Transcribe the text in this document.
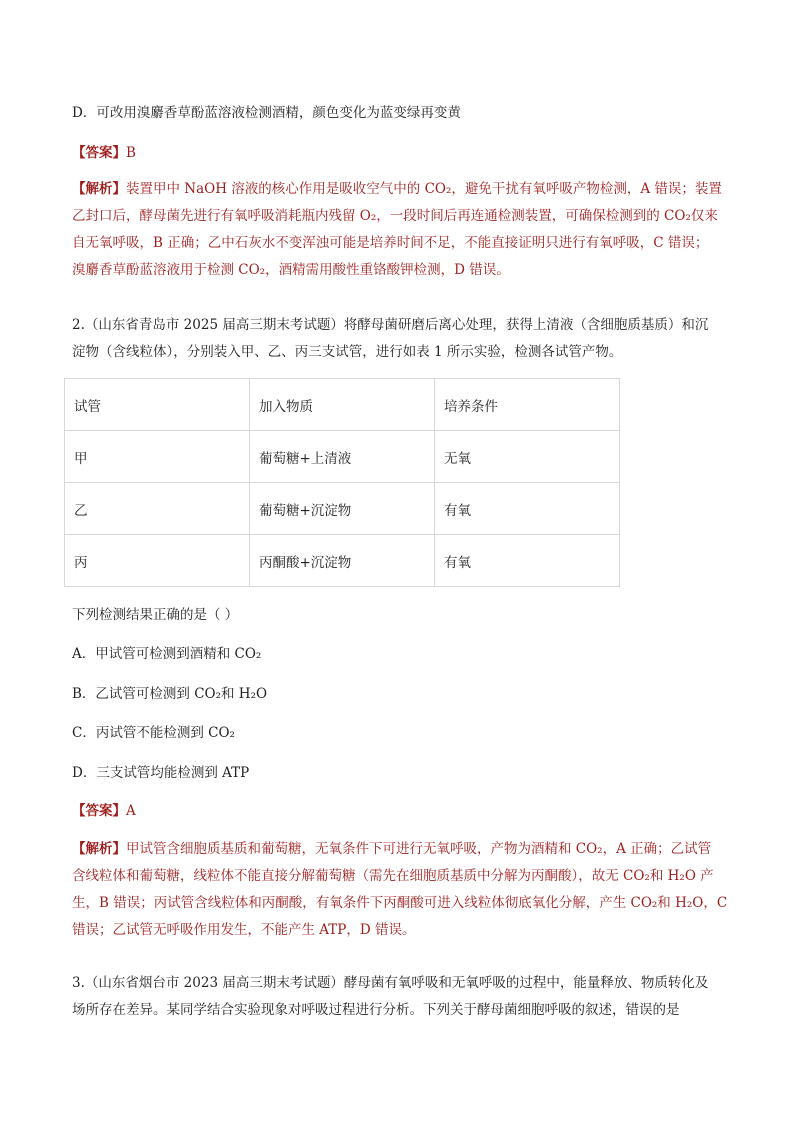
D．可改用溴麝香草酚蓝溶液检测酒精，颜色变化为蓝变绿再变黄

【答案】B

【解析】装置甲中 NaOH 溶液的核心作用是吸收空气中的 CO₂，避免干扰有氧呼吸产物检测，A 错误；装置
乙封口后，酵母菌先进行有氧呼吸消耗瓶内残留 O₂，一段时间后再连通检测装置，可确保检测到的 CO₂仅来
自无氧呼吸，B 正确；乙中石灰水不变浑浊可能是培养时间不足，不能直接证明只进行有氧呼吸，C 错误；
溴麝香草酚蓝溶液用于检测 CO₂，酒精需用酸性重铬酸钾检测，D 错误。
2.（山东省青岛市 2025 届高三期末考试题）将酵母菌研磨后离心处理，获得上清液（含细胞质基质）和沉
淀物（含线粒体），分别装入甲、乙、丙三支试管，进行如表 1 所示实验，检测各试管产物。
试管	加入物质	培养条件
甲	葡萄糖+上清液	无氧
乙	葡萄糖+沉淀物	有氧
丙	丙酮酸+沉淀物	有氧

下列检测结果正确的是（ ）

A．甲试管可检测到酒精和 CO₂

B．乙试管可检测到 CO₂和 H₂O

C．丙试管不能检测到 CO₂

D．三支试管均能检测到 ATP

【答案】A

【解析】甲试管含细胞质基质和葡萄糖，无氧条件下可进行无氧呼吸，产物为酒精和 CO₂，A 正确；乙试管
含线粒体和葡萄糖，线粒体不能直接分解葡萄糖（需先在细胞质基质中分解为丙酮酸），故无 CO₂和 H₂O 产
生，B 错误；丙试管含线粒体和丙酮酸，有氧条件下丙酮酸可进入线粒体彻底氧化分解，产生 CO₂和 H₂O，C
错误；乙试管无呼吸作用发生，不能产生 ATP，D 错误。
3.（山东省烟台市 2023 届高三期末考试题）酵母菌有氧呼吸和无氧呼吸的过程中，能量释放、物质转化及
场所存在差异。某同学结合实验现象对呼吸过程进行分析。下列关于酵母菌细胞呼吸的叙述，错误的是
